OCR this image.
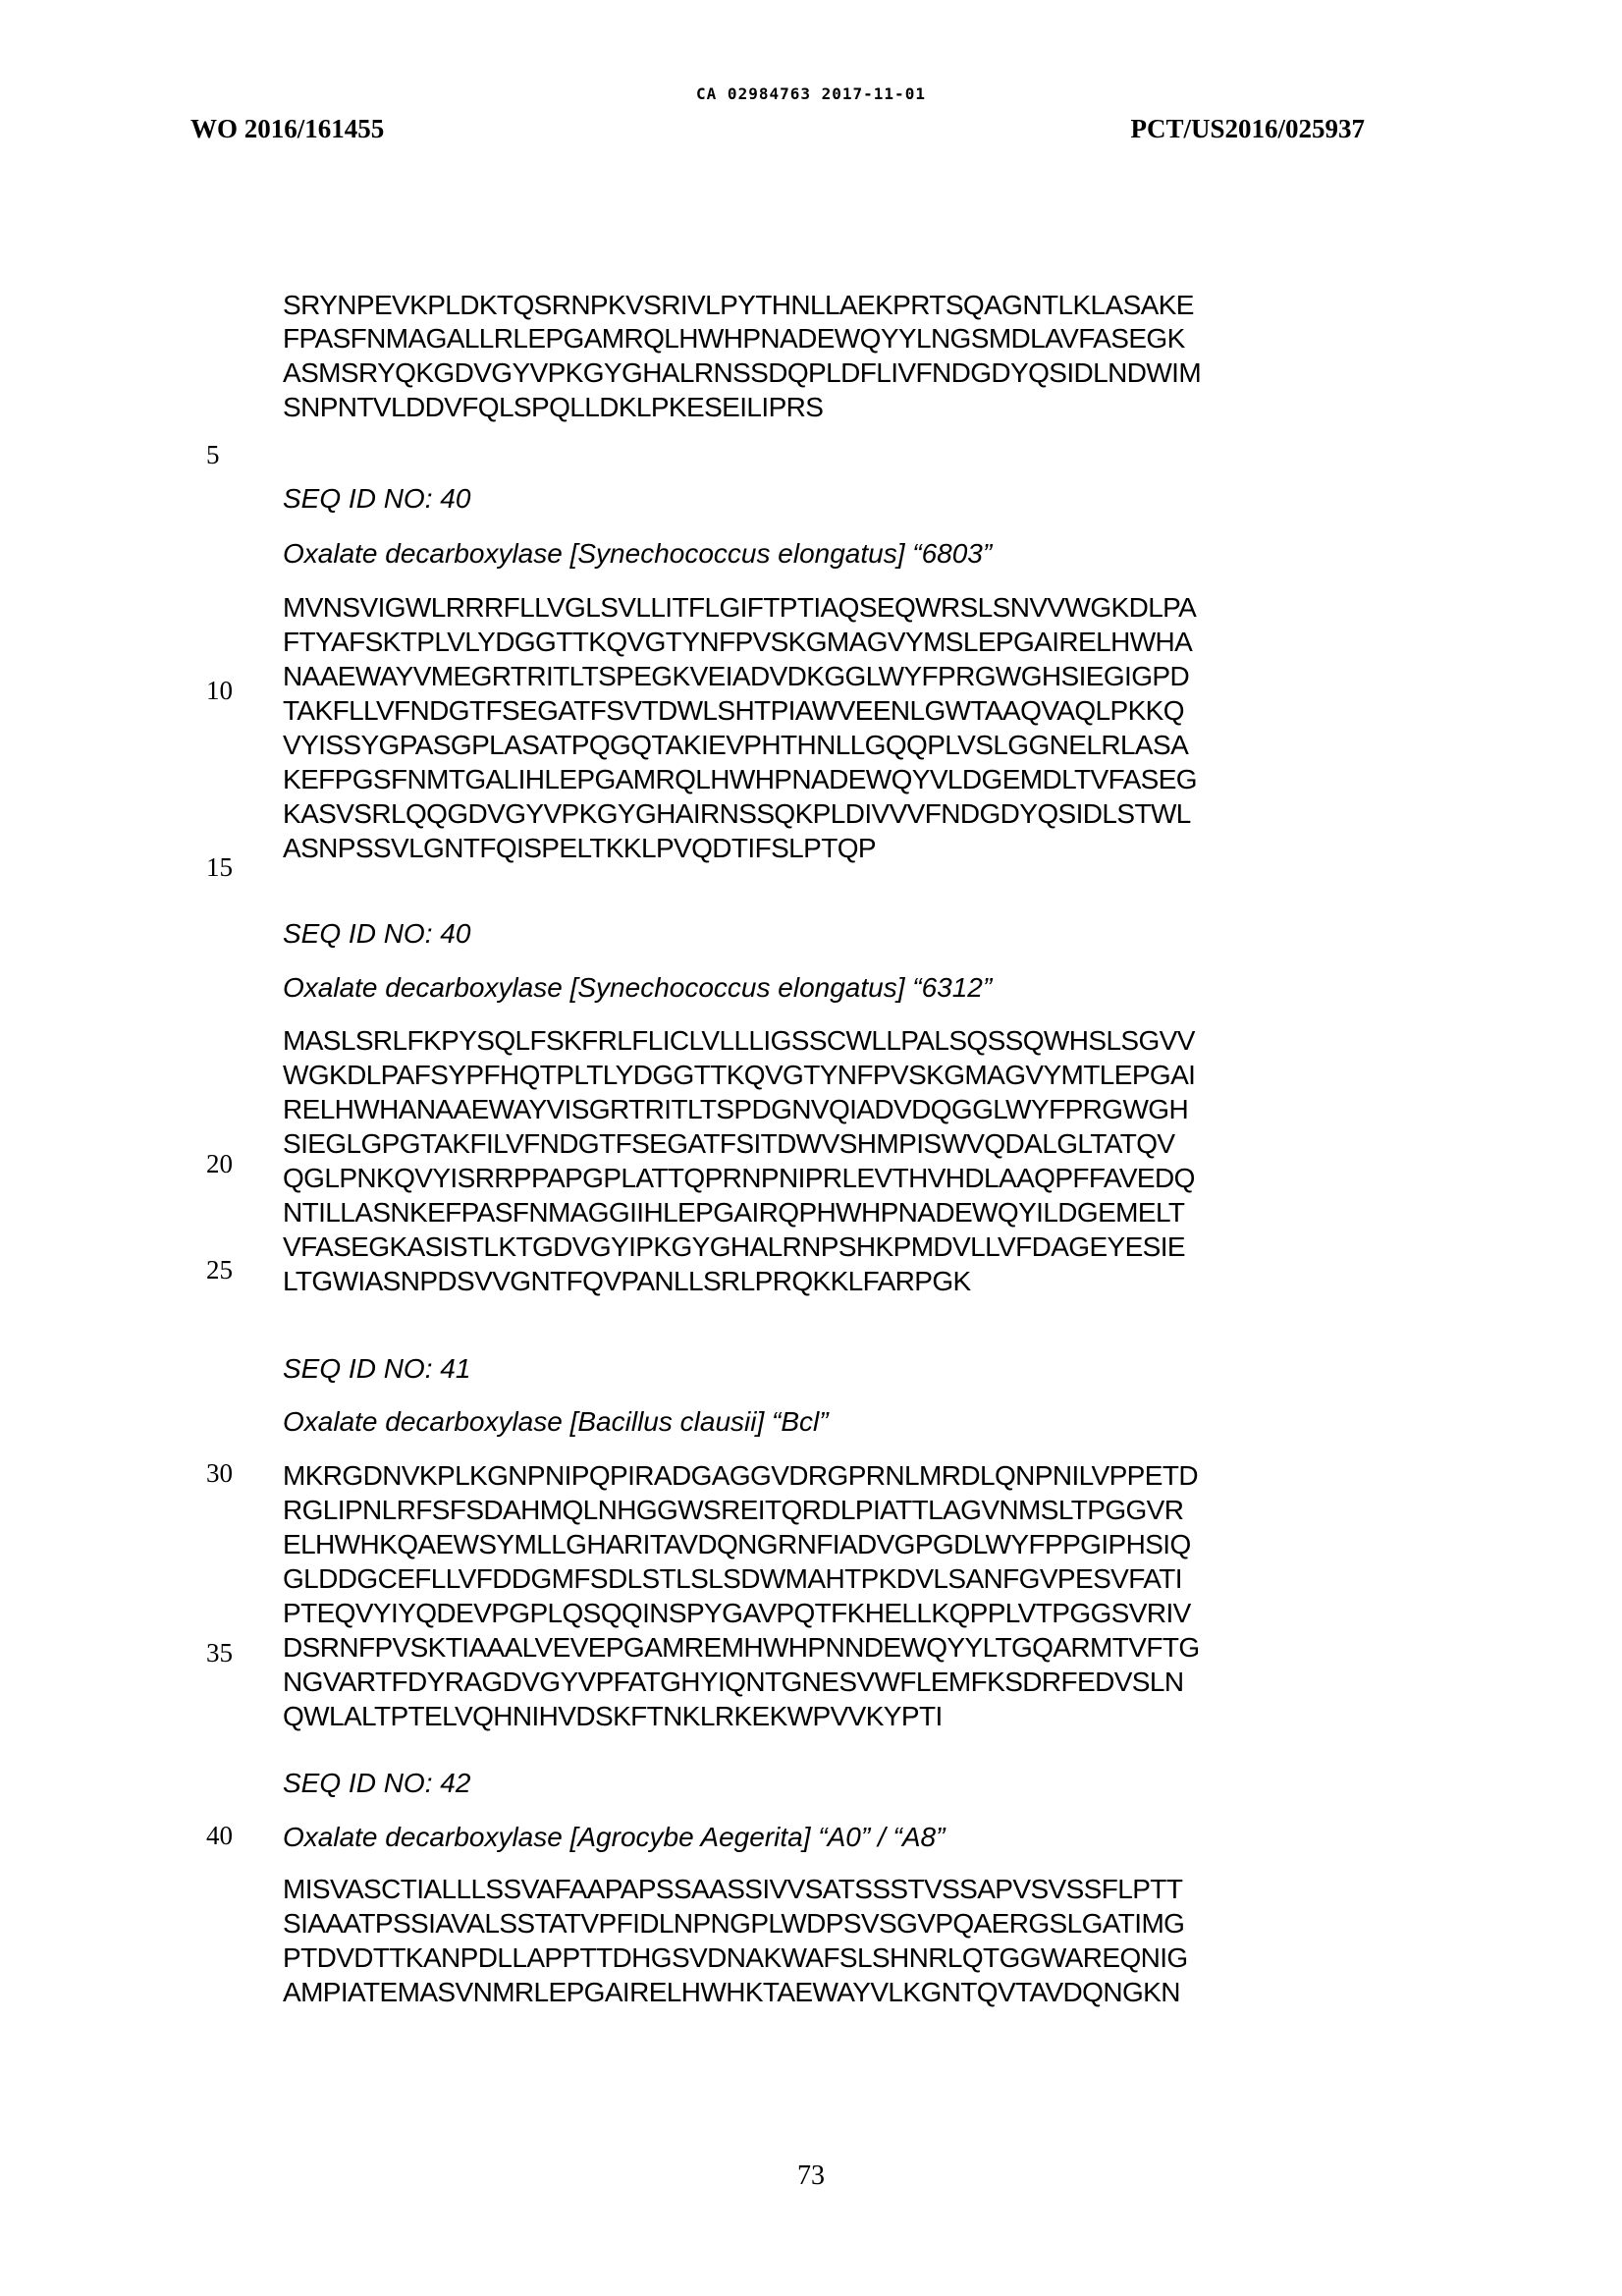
CA 02984763 2017-11-01
WO 2016/161455	PCT/US2016/025937
5
10
15
20
25
30
35
40
SRYNPEVKPLDKTQSRNPKVSRIVLPYTHNLLAEKPRTSQAGNTLKLASAKE
FPASFNMAGALLRLEPGAMRQLHWHPNADEWQYYLNGSMDLAVFASEGK
ASMSRYQKGDVGYVPKGYGHALRNSSDQPLDFLIVFNDGDYQSIDLNDWIM
SNPNTVLDDVFQLSPQLLDKLPKESEILIPRS
SEQ ID NO: 40
Oxalate decarboxylase [Synechococcus elongatus] “6803”
MVNSVIGWLRRRFLLVGLSVLLITFLGIFTPTIAQSEQWRSLSNVVWGKDLPA
FTYAFSKTPLVLYDGGTTKQVGTYNFPVSKGMAGVYMSLEPGAIRELHWHA
NAAEWAYVMEGRTRITLTSPEGKVEIADVDKGGLWYFPRGWGHSIEGIGPD
TAKFLLVFNDGTFSEGATFSVTDWLSHTPIAWVEENLGWTAAQVAQLPKKQ
VYISSYGPASGPLASATPQGQTAKIEVPHTHNLLGQQPLVSLGGNELRLASA
KEFPGSFNMTGALIHLEPGAMRQLHWHPNADEWQYVLDGEMDLTVFASEG
KASVSRLQQGDVGYVPKGYGHAIRNSSQKPLDIVVVFNDGDYQSIDLSTWL
ASNPSSVLGNTFQISPELTKKLPVQDTIFSLPTQP
SEQ ID NO: 40
Oxalate decarboxylase [Synechococcus elongatus] “6312”
MASLSRLFKPYSQLFSKFRLFLICLVLLLIGSSCWLLPALSQSSQWHSLSGVV
WGKDLPAFSYPFHQTPLTLYDGGTTKQVGTYNFPVSKGMAGVYMTLEPGAI
RELHWHANAAEWAYVISGRTRITLTSPDGNVQIADVDQGGLWYFPRGWGH
SIEGLGPGTAKFILVFNDGTFSEGATFSITDWVSHMPISWVQDALGLTATQV
QGLPNKQVYISRRPPAPGPLATTQPRNPNIPRLEVTHVHDLAAQPFFAVEDQ
NTILLASNKEFPASFNMAGGIIHLEPGAIRQPHWHPNADEWQYILDGEMELT
VFASEGKASISTLKTGDVGYIPKGYGHALRNPSHKPMDVLLVFDAGEYESIE
LTGWIASNPDSVVGNTFQVPANLLSRLPRQKKLFARPGK
SEQ ID NO: 41
Oxalate decarboxylase [Bacillus clausii] “Bcl”
MKRGDNVKPLKGNPNIPQPIRADGAGGVDRGPRNLMRDLQNPNILVPPETD
RGLIPNLRFSFSDAHMQLNHGGWSREITQRDLPIATTLAGVNMSLTPGGVR
ELHWHKQAEWSYMLLGHARITAVDQNGRNFIADVGPGDLWYFPPGIPHSIQ
GLDDGCEFLLVFDDGMFSDLSTLSLSDWMAHTPKDVLSANFGVPESVFATI
PTEQVYIYQDEVPGPLQSQQINSPYGAVPQTFKHELLKQPPLVTPGGSVRIV
DSRNFPVSKTIAAALVEVEPGAMREMHWHPNNDEWQYYLTGQARMTVFTG
NGVARTFDYRAGDVGYVPFATGHYIQNTGNESVWFLEMFKSDRFEDVSLN
QWLALTPTELVQHNIHVDSKFTNKLRKEKWPVVKYPTI
SEQ ID NO: 42
Oxalate decarboxylase [Agrocybe Aegerita] “A0” / “A8”
MISVASCTIALLLSSVAFAAPAPSSAASSIVVSATSSSTVSSAPVSVSSFLPTT
SIAAATPSSIAVALSSTATVPFIDLNPNGPLWDPSVSGVPQAERGSLGATIMG
PTDVDTTKANPDLLAPPTTDHGSVDNAKWAFSLSHNRLQTGGWAREQNIG
AMPIATEMASVNMRLEPGAIRELHWHKTAEWAYVLKGNTQVTAVDQNGKN
73
